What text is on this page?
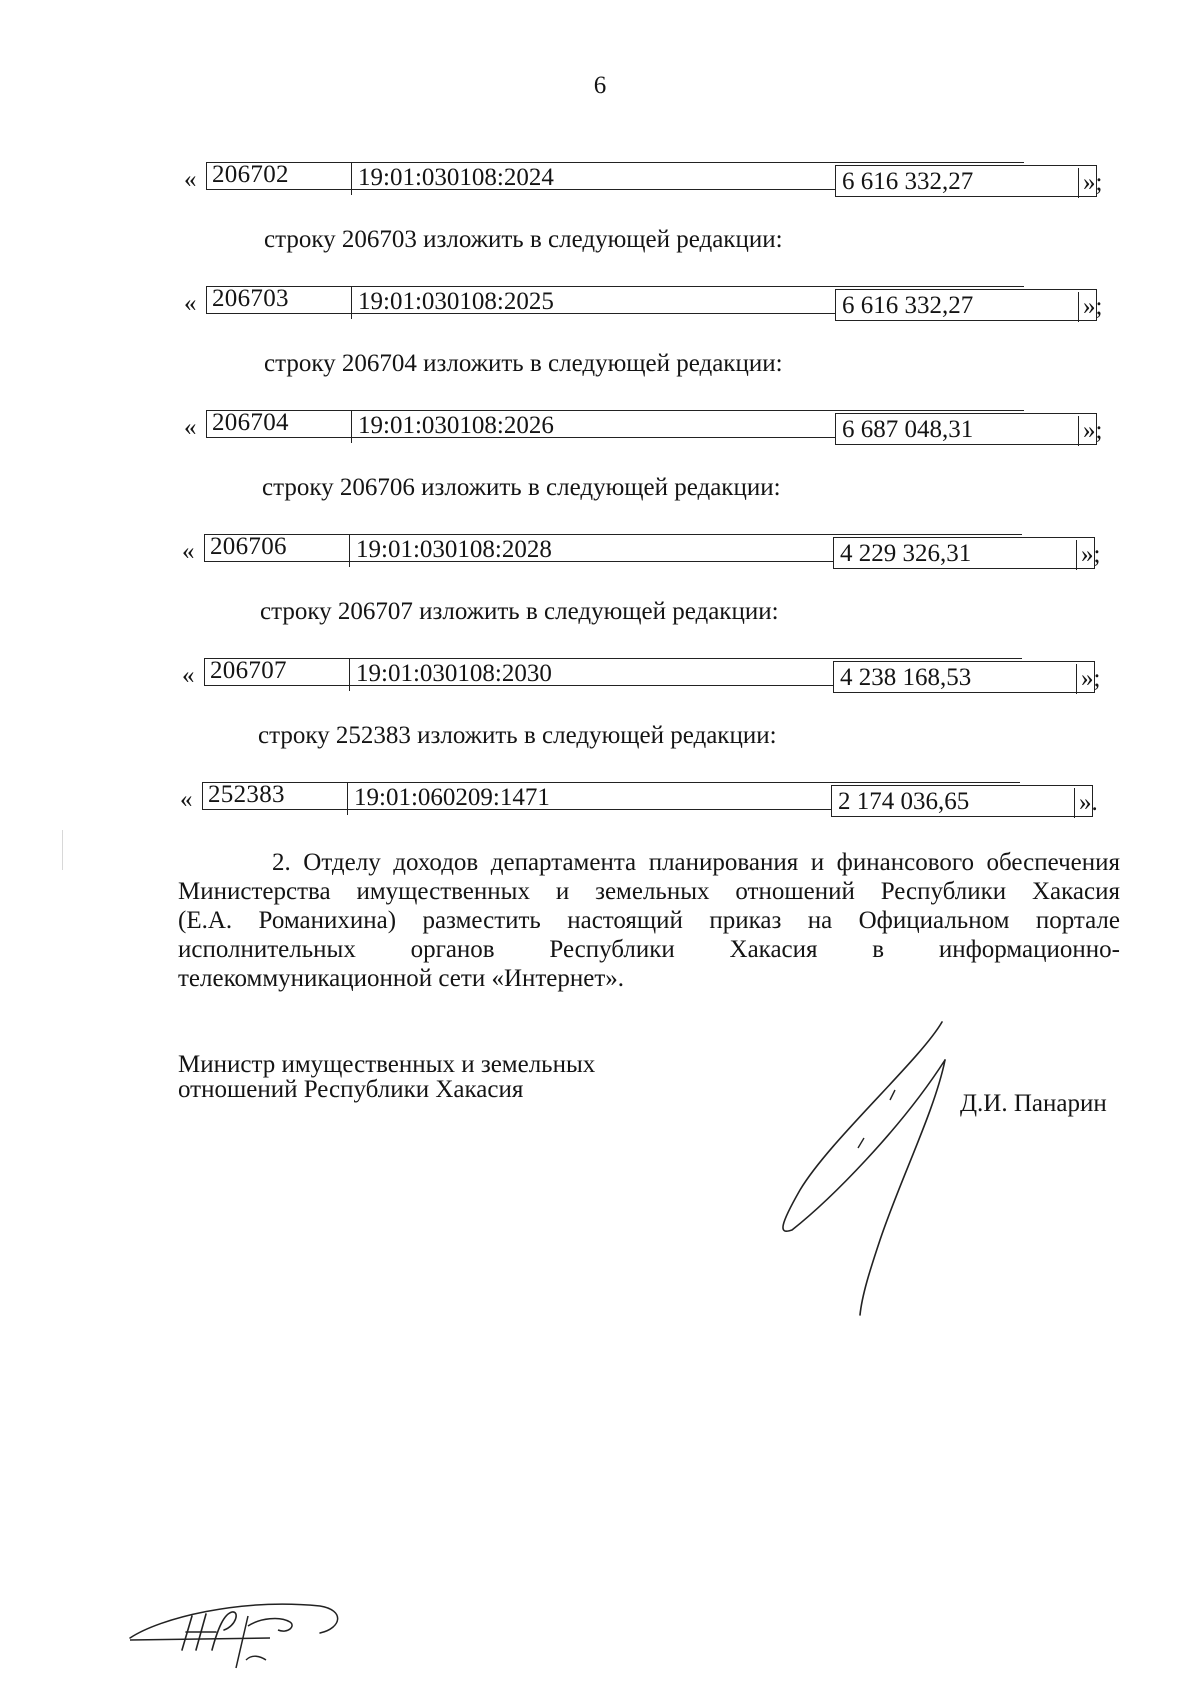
6
« 206702	19:01:030108:2024	6 616 332,27	»;
строку 206703 изложить в следующей редакции:
« 206703	19:01:030108:2025	6 616 332,27	»;
строку 206704 изложить в следующей редакции:
« 206704	19:01:030108:2026	6 687 048,31	»;
строку 206706 изложить в следующей редакции:
« 206706	19:01:030108:2028	4 229 326,31	»;
строку 206707 изложить в следующей редакции:
« 206707	19:01:030108:2030	4 238 168,53	»;
строку 252383 изложить в следующей редакции:
« 252383	19:01:060209:1471	2 174 036,65	».
2. Отделу доходов департамента планирования и финансового обеспечения
Министерства имущественных и земельных отношений Республики Хакасия
(Е.А. Романихина) разместить настоящий приказ на Официальном портале
исполнительных органов Республики Хакасия в информационно-
телекоммуникационной сети «Интернет».
Министр имущественных и земельных
отношений Республики Хакасия
Д.И. Панарин
